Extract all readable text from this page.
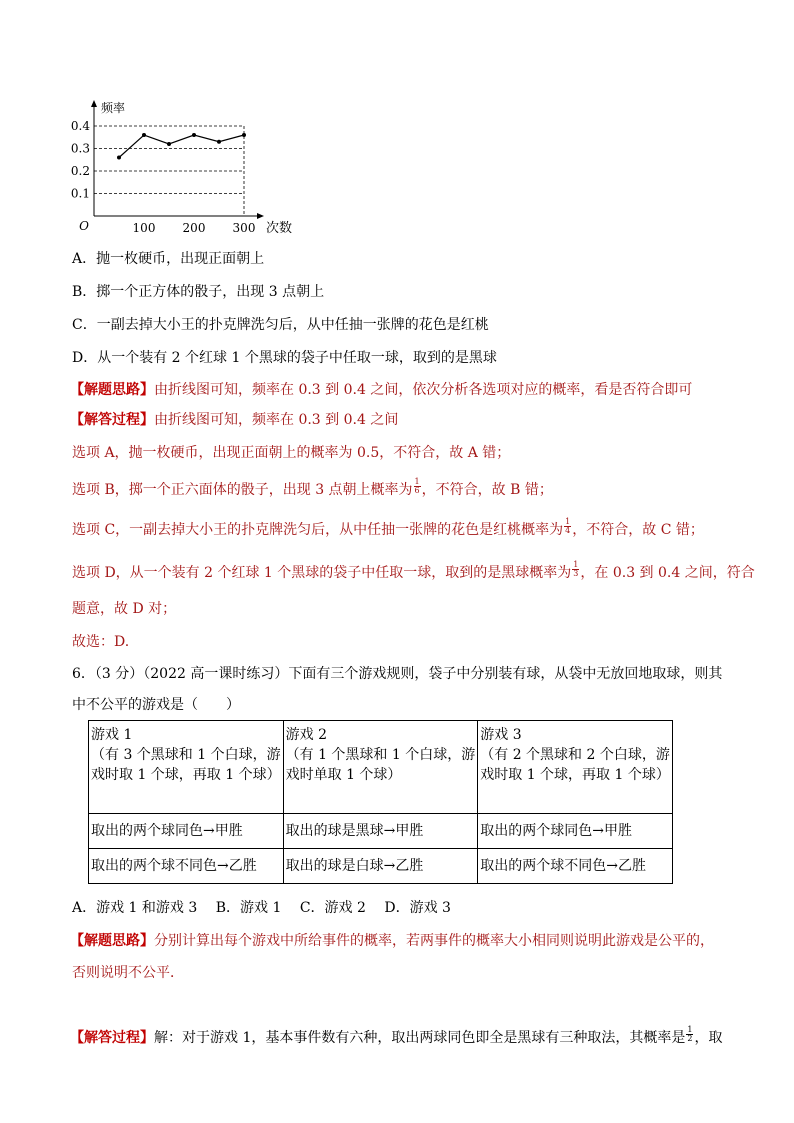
0.1
0.2
0.3
0.4
100 200 300
O
频率
次数
A．抛一枚硬币，出现正面朝上
B．掷一个正方体的骰子，出现 3 点朝上
C．一副去掉大小王的扑克牌洗匀后，从中任抽一张牌的花色是红桃
D．从一个装有 2 个红球 1 个黑球的袋子中任取一球，取到的是黑球
【解题思路】由折线图可知，频率在 0.3 到 0.4 之间，依次分析各选项对应的概率，看是否符合即可
【解答过程】由折线图可知，频率在 0.3 到 0.4 之间
选项 A，抛一枚硬币，出现正面朝上的概率为 0.5，不符合，故 A 错；
选项 B，掷一个正六面体的骰子，出现 3 点朝上概率为 $\frac{1}{6}$ ，不符合，故 B 错；
选项 C，一副去掉大小王的扑克牌洗匀后，从中任抽一张牌的花色是红桃概率为 $\frac{1}{4}$ ，不符合，故 C 错；
选项 D，从一个装有 2 个红球 1 个黑球的袋子中任取一球，取到的是黑球概率为 $\frac{1}{3}$ ，在 0.3 到 0.4 之间，符合
题意，故 D 对；
故选：D.
6．（3 分）（2022 高一课时练习）下面有三个游戏规则，袋子中分别装有球，从袋中无放回地取球，则其
中不公平的游戏是（　　）
游戏 1
（有 3 个黑球和 1 个白球，游
戏时取 1 个球，再取 1 个球）	游戏 2
（有 1 个黑球和 1 个白球，游
戏时单取 1 个球）	游戏 3
（有 2 个黑球和 2 个白球，游
戏时取 1 个球，再取 1 个球）

取出的两个球同色→甲胜	取出的球是黑球→甲胜	取出的两个球同色→甲胜
取出的两个球不同色→乙胜	取出的球是白球→乙胜	取出的两个球不同色→乙胜
A．游戏 1 和游戏 3　 B．游戏 1　 C．游戏 2　 D．游戏 3
【解题思路】分别计算出每个游戏中所给事件的概率，若两事件的概率大小相同则说明此游戏是公平的，
否则说明不公平．
【解答过程】解：对于游戏 1，基本事件数有六种，取出两球同色即全是黑球有三种取法，其概率是 $\frac{1}{2}$ ，取
